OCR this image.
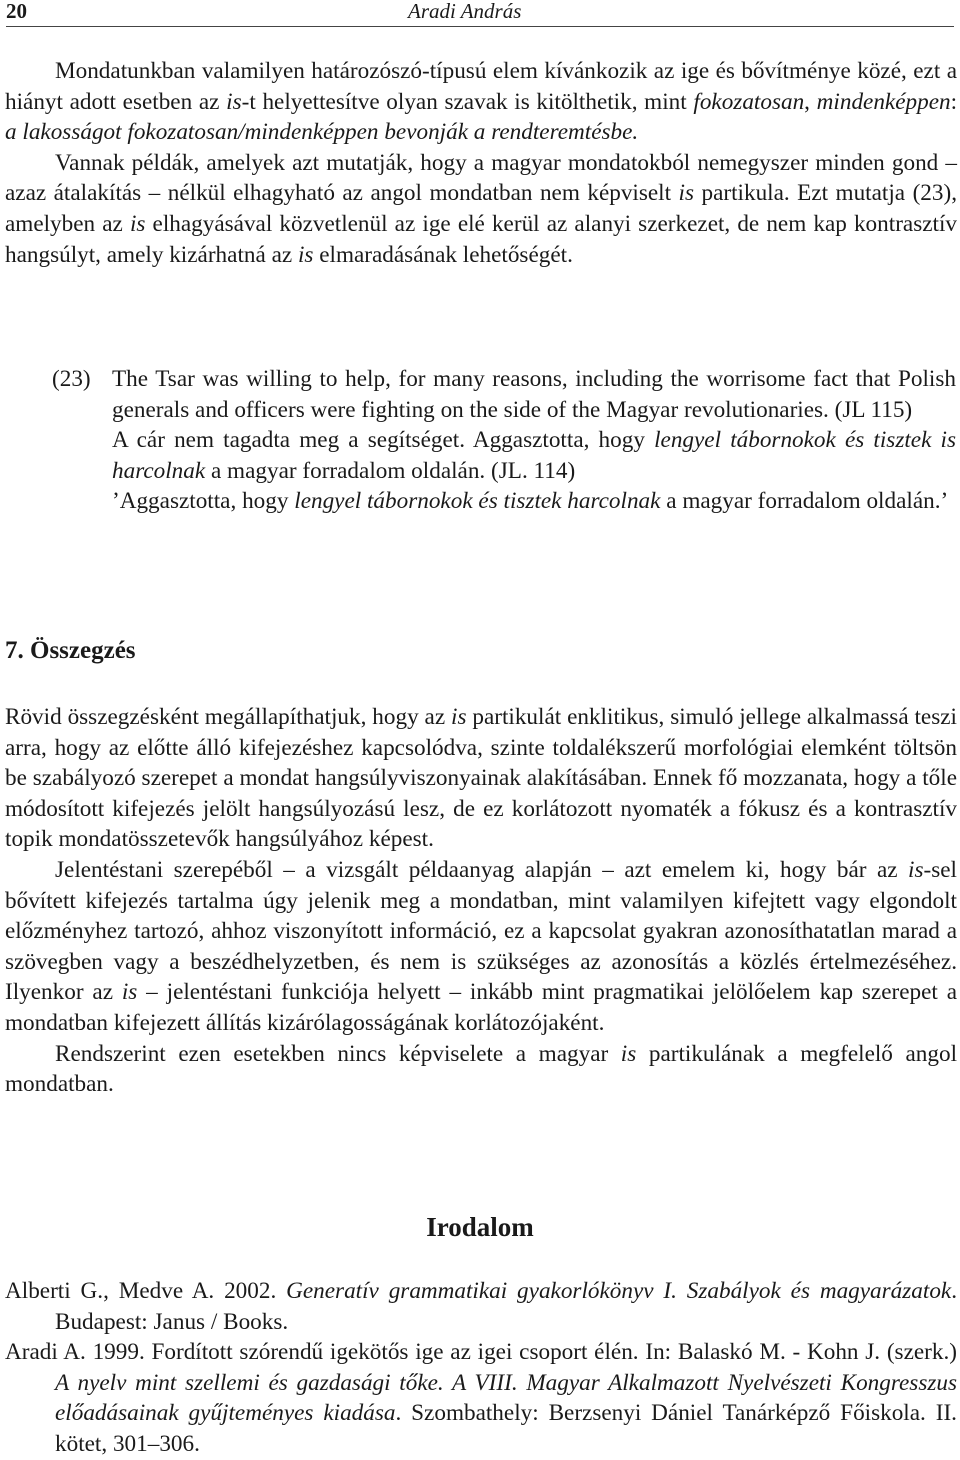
20	Aradi András

Mondatunkban valamilyen határozószó-típusú elem kívánkozik az ige és bővítménye közé, ezt a hiányt adott esetben az is-t helyettesítve olyan szavak is kitölthetik, mint fokozatosan, mindenképpen: a lakosságot fokozatosan/mindenképpen bevonják a rendteremtésbe.

Vannak példák, amelyek azt mutatják, hogy a magyar mondatokból nemegyszer minden gond – azaz átalakítás – nélkül elhagyható az angol mondatban nem képviselt is partikula. Ezt mutatja (23), amelyben az is elhagyásával közvetlenül az ige elé kerül az alanyi szerkezet, de nem kap kontrasztív hangsúlyt, amely kizárhatná az is elmaradásának lehetőségét.

(23) The Tsar was willing to help, for many reasons, including the worrisome fact that Polish generals and officers were fighting on the side of the Magyar revolutionaries. (JL 115)

A cár nem tagadta meg a segítséget. Aggasztotta, hogy lengyel tábornokok és tisztek is harcolnak a magyar forradalom oldalán. (JL. 114)

’Aggasztotta, hogy lengyel tábornokok és tisztek harcolnak a magyar forradalom oldalán.’

7. Összegzés

Rövid összegzésként megállapíthatjuk, hogy az is partikulát enklitikus, simuló jellege alkalmassá teszi arra, hogy az előtte álló kifejezéshez kapcsolódva, szinte toldalékszerű morfológiai elemként töltsön be szabályozó szerepet a mondat hangsúlyviszonyainak alakításában. Ennek fő mozzanata, hogy a tőle módosított kifejezés jelölt hangsúlyozású lesz, de ez korlátozott nyomaték a fókusz és a kontrasztív topik mondatösszetevők hangsúlyához képest.

Jelentéstani szerepéből – a vizsgált példaanyag alapján – azt emelem ki, hogy bár az is-sel bővített kifejezés tartalma úgy jelenik meg a mondatban, mint valamilyen kifejtett vagy elgondolt előzményhez tartozó, ahhoz viszonyított információ, ez a kapcsolat gyakran azonosíthatatlan marad a szövegben vagy a beszédhelyzetben, és nem is szükséges az azonosítás a közlés értelmezéséhez. Ilyenkor az is – jelentéstani funkciója helyett – inkább mint pragmatikai jelölőelem kap szerepet a mondatban kifejezett állítás kizárólagosságának korlátozójaként.

Rendszerint ezen esetekben nincs képviselete a magyar is partikulának a megfelelő angol mondatban.

Irodalom

Alberti G., Medve A. 2002. Generatív grammatikai gyakorlókönyv I. Szabályok és magyarázatok. Budapest: Janus / Books.

Aradi A. 1999. Fordított szórendű igekötős ige az igei csoport élén. In: Balaskó M. - Kohn J. (szerk.) A nyelv mint szellemi és gazdasági tőke. A VIII. Magyar Alkalmazott Nyelvészeti Kongresszus előadásainak gyűjteményes kiadása. Szombathely: Berzsenyi Dániel Tanárképző Főiskola. II. kötet, 301–306.
